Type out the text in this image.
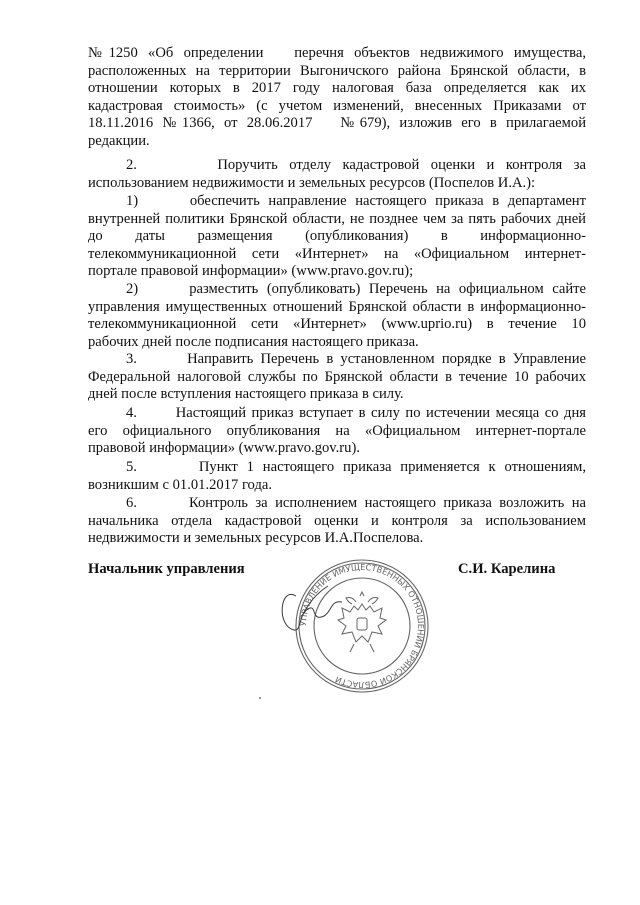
№1250 «Об определении   перечня объектов недвижимого имущества,
расположенных на территории Выгоничского района Брянской области, в
отношении которых в 2017 году налоговая база определяется как их
кадастровая стоимость» (с учетом изменений, внесенных Приказами от
18.11.2016 №1366, от 28.06.2017   №679), изложив его в прилагаемой
редакции.
2.       Поручить отделу кадастровой оценки и контроля за
использованием недвижимости и земельных ресурсов (Поспелов И.А.):
1)      обеспечить направление настоящего приказа в департамент
внутренней политики Брянской области, не позднее чем за пять рабочих дней
до даты размещения (опубликования) в информационно-
телекоммуникационной сети «Интернет» на «Официальном интернет-
портале правовой информации» (www.pravo.gov.ru);
2)      разместить (опубликовать) Перечень на официальном сайте
управления имущественных отношений Брянской области в информационно-
телекоммуникационной сети «Интернет» (www.uprio.ru) в течение 10
рабочих дней после подписания настоящего приказа.
3.       Направить Перечень в установленном порядке в Управление
Федеральной налоговой службы по Брянской области в течение 10 рабочих
дней после вступления настоящего приказа в силу.
4.       Настоящий приказ вступает в силу по истечении месяца со дня
его официального опубликования на «Официальном интернет-портале
правовой информации» (www.pravo.gov.ru).
5.       Пункт 1 настоящего приказа применяется к отношениям,
возникшим с 01.01.2017 года.
6.       Контроль за исполнением настоящего приказа возложить на
начальника отдела кадастровой оценки и контроля за использованием
недвижимости и земельных ресурсов И.А.Поспелова.

Начальник управления	С.И. Карелина
УПРАВЛЕНИЕ ИМУЩЕСТВЕННЫХ ОТНОШЕНИЙ БРЯНСКОЙ ОБЛАСТИ
